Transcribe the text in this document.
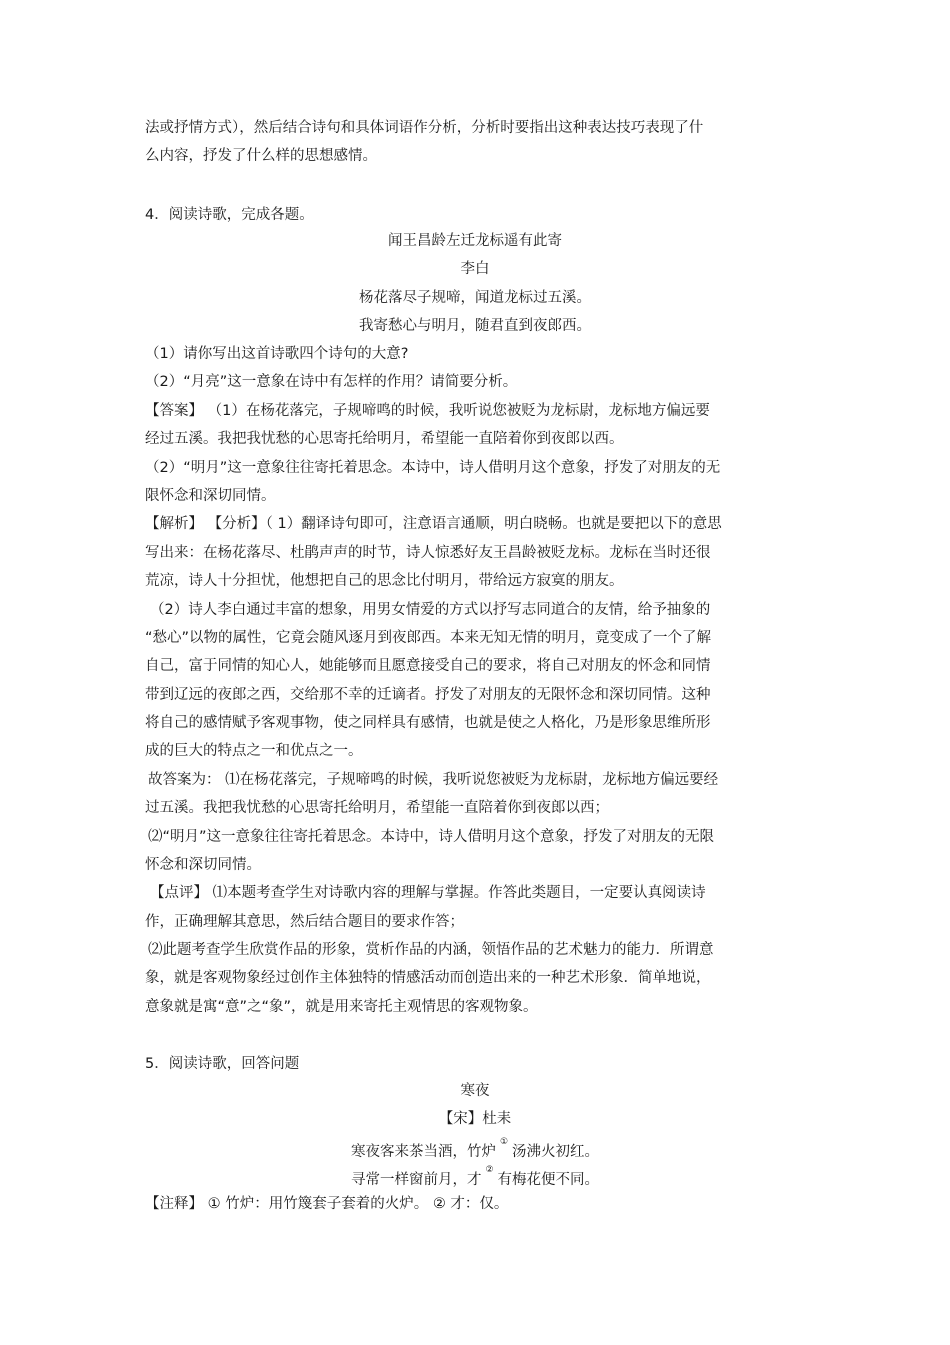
法或抒情方式），然后结合诗句和具体词语作分析，分析时要指出这种表达技巧表现了什
么内容，抒发了什么样的思想感情。
4．阅读诗歌，完成各题。
闻王昌龄左迁龙标遥有此寄
李白
杨花落尽子规啼，闻道龙标过五溪。
我寄愁心与明月，随君直到夜郎西。
（1）请你写出这首诗歌四个诗句的大意?
（2）“月亮”这一意象在诗中有怎样的作用？请简要分析。
【答案】 （1）在杨花落完，子规啼鸣的时候，我听说您被贬为龙标尉，龙标地方偏远要
经过五溪。我把我忧愁的心思寄托给明月，希望能一直陪着你到夜郎以西。
（2）“明月”这一意象往往寄托着思念。本诗中，诗人借明月这个意象，抒发了对朋友的无
限怀念和深切同情。
【解析】 【分析】（ 1）翻译诗句即可，注意语言通顺，明白晓畅。也就是要把以下的意思
写出来：在杨花落尽、杜鹃声声的时节，诗人惊悉好友王昌龄被贬龙标。龙标在当时还很
荒凉，诗人十分担忧，他想把自己的思念比付明月，带给远方寂寞的朋友。
（2）诗人李白通过丰富的想象，用男女情爱的方式以抒写志同道合的友情，给予抽象的
“愁心”以物的属性，它竟会随风逐月到夜郎西。本来无知无情的明月，竟变成了一个了解
自己，富于同情的知心人，她能够而且愿意接受自己的要求，将自己对朋友的怀念和同情
带到辽远的夜郎之西，交给那不幸的迁谪者。抒发了对朋友的无限怀念和深切同情。这种
将自己的感情赋予客观事物，使之同样具有感情，也就是使之人格化，乃是形象思维所形
成的巨大的特点之一和优点之一。
故答案为： ⑴在杨花落完，子规啼鸣的时候，我听说您被贬为龙标尉，龙标地方偏远要经
过五溪。我把我忧愁的心思寄托给明月，希望能一直陪着你到夜郎以西；
⑵“明月”这一意象往往寄托着思念。本诗中，诗人借明月这个意象，抒发了对朋友的无限
怀念和深切同情。
【点评】 ⑴本题考查学生对诗歌内容的理解与掌握。作答此类题目，一定要认真阅读诗
作，正确理解其意思，然后结合题目的要求作答；
⑵此题考查学生欣赏作品的形象，赏析作品的内涵，领悟作品的艺术魅力的能力．所谓意
象，就是客观物象经过创作主体独特的情感活动而创造出来的一种艺术形象．简单地说，
意象就是寓“意”之“象”，就是用来寄托主观情思的客观物象。
5．阅读诗歌，回答问题
寒夜
【宋】杜耒
寒夜客来茶当酒，竹炉①汤沸火初红。
寻常一样窗前月，才②有梅花便不同。
【注释】 ① 竹炉：用竹篾套子套着的火炉。 ② 才：仅。
